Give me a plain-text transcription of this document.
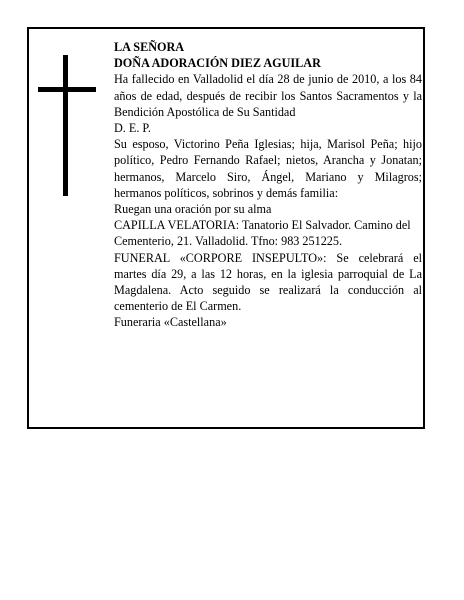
LA SEÑORA

DOÑA ADORACIÓN DIEZ AGUILAR

Ha fallecido en Valladolid el día 28 de junio de 2010, a los 84 años de edad, después de recibir los Santos Sacramentos y la Bendición Apostólica de Su Santidad

D. E. P.

Su esposo, Victorino Peña Iglesias; hija, Marisol Peña; hijo político, Pedro Fernando Rafael; nietos, Arancha y Jonatan; hermanos, Marcelo Siro, Ángel, Mariano y Milagros; hermanos políticos, sobrinos y demás familia:

Ruegan una oración por su alma

CAPILLA VELATORIA: Tanatorio El Salvador. Camino del Cementerio, 21. Valladolid. Tfno: 983 251225.

FUNERAL «CORPORE INSEPULTO»: Se celebrará el martes día 29, a las 12 horas, en la iglesia parroquial de La Magdalena. Acto seguido se realizará la conducción al cementerio de El Carmen.

Funeraria «Castellana»
